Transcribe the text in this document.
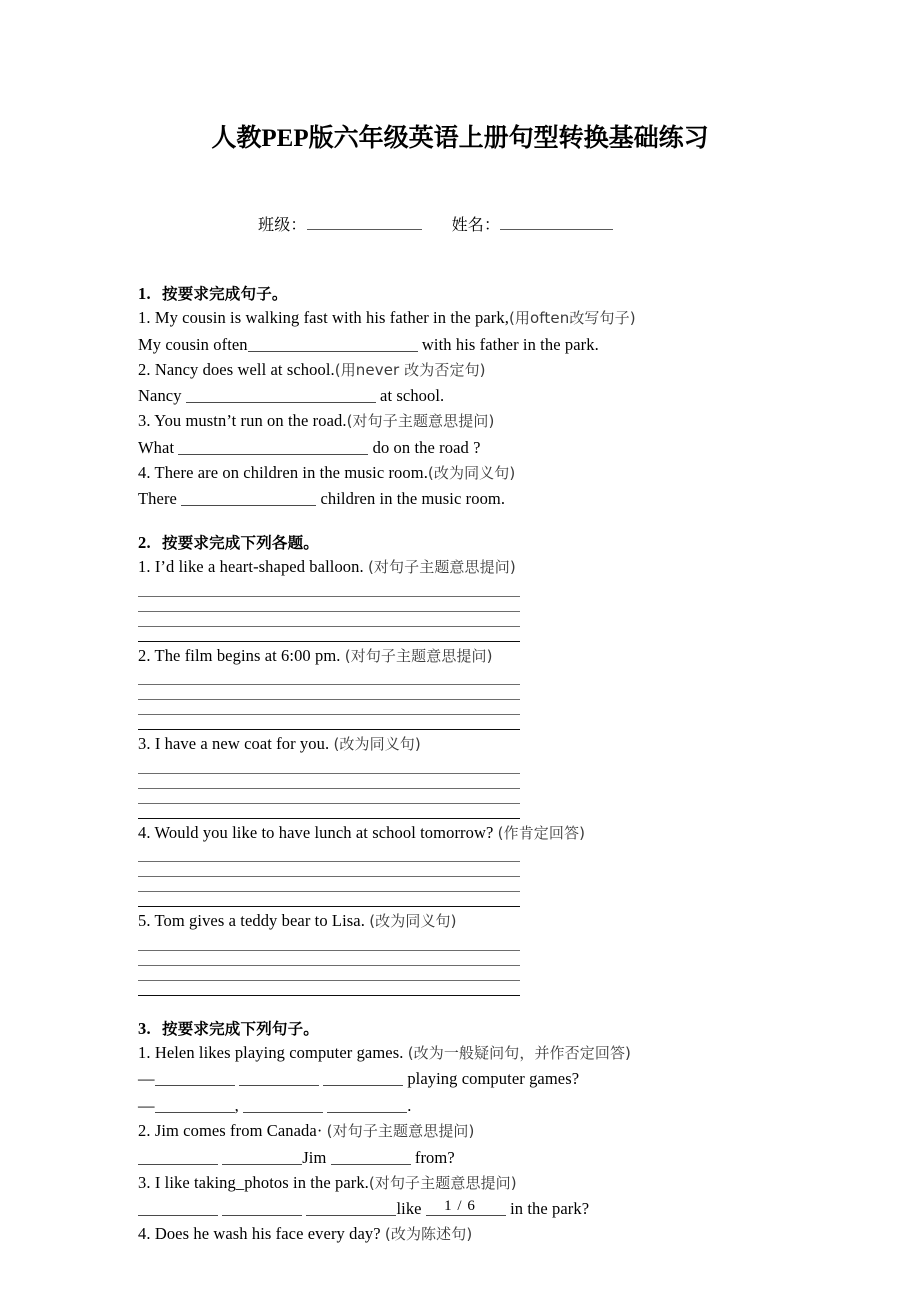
人教PEP版六年级英语上册句型转换基础练习
班级：	姓名：
1. 按要求完成句子。
1. My cousin is walking fast with his father in the park,(用often改写句子)
My cousin often	with his father in the park.
2. Nancy does well at school.(用never 改为否定句)
Nancy	at school.
3. You mustn’t run on the road.(对句子主题意思提问)
What	do on the road ?
4. There are on children in the music room.(改为同义句)
There	children in the music room.
2. 按要求完成下列各题。
1. I’d like a heart-shaped balloon. (对句子主题意思提问)
2. The film begins at 6:00 pm. (对句子主题意思提问)
3. I have a new coat for you. (改为同义句)
4. Would you like to have lunch at school tomorrow? (作肯定回答)
5. Tom gives a teddy bear to Lisa. (改为同义句)
3. 按要求完成下列句子。
1. Helen likes playing computer games. (改为一般疑问句，并作否定回答)
—	playing computer games?
—	,	.
2. Jim comes from Canada· (对句子主题意思提问)
Jim	from?
3. I like taking_photos in the park.(对句子主题意思提问)
like	in the park?
4. Does he wash his face every day? (改为陈述句)
1 / 6
